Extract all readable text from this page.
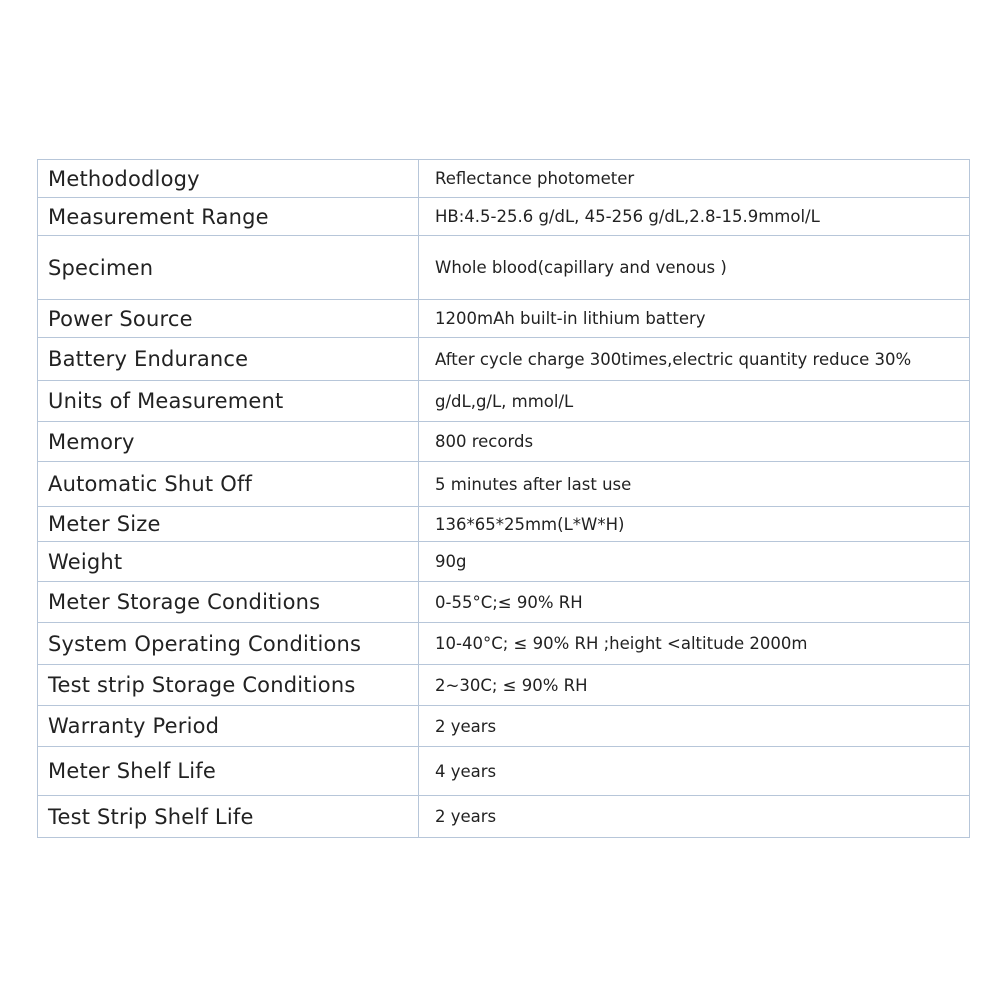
Methododlogy	Reflectance photometer
Measurement Range	HB:4.5-25.6 g/dL, 45-256 g/dL,2.8-15.9mmol/L
Specimen	Whole blood(capillary and venous )
Power Source	1200mAh built-in lithium battery
Battery Endurance	After cycle charge 300times,electric quantity reduce 30%
Units of Measurement	g/dL,g/L, mmol/L
Memory	800 records
Automatic Shut Off	5 minutes after last use
Meter Size	136*65*25mm(L*W*H)
Weight	90g
Meter Storage Conditions	0-55°C;≤ 90% RH
System Operating Conditions	10-40°C; ≤ 90% RH ;height <altitude 2000m
Test strip Storage Conditions	2~30C; ≤ 90% RH
Warranty Period	2 years
Meter Shelf Life	4 years
Test Strip Shelf Life	2 years
